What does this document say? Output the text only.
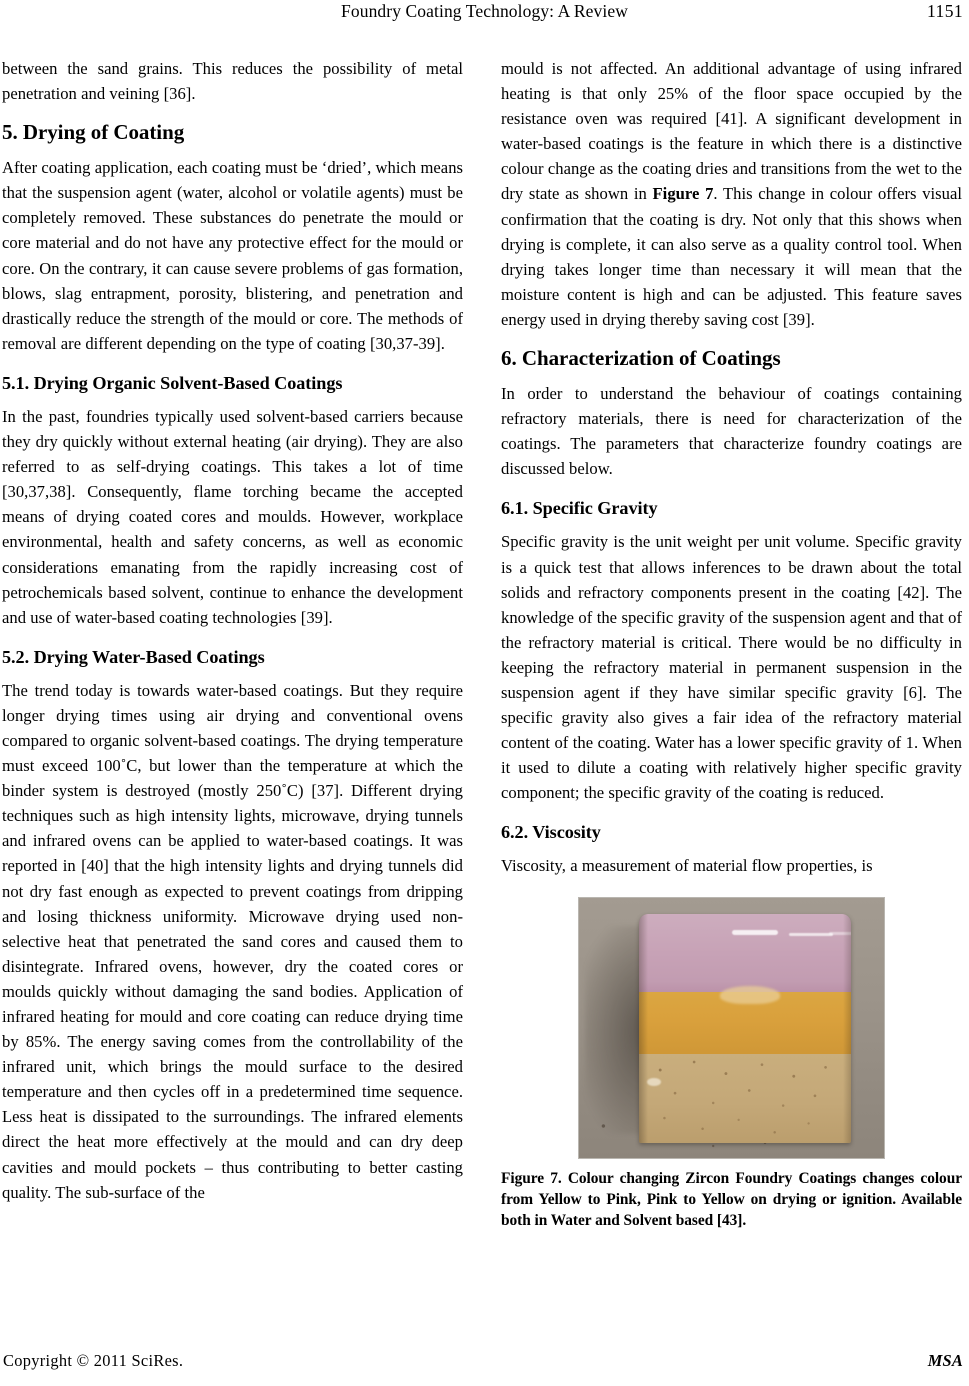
Foundry Coating Technology: A Review	1151

between the sand grains. This reduces the possibility of metal penetration and veining [36].

5. Drying of Coating

After coating application, each coating must be ‘dried’, which means that the suspension agent (water, alcohol or volatile agents) must be completely removed. These substances do penetrate the mould or core material and do not have any protective effect for the mould or core. On the contrary, it can cause severe problems of gas formation, blows, slag entrapment, porosity, blistering, and penetration and drastically reduce the strength of the mould or core. The methods of removal are different depending on the type of coating [30,37-39].

5.1. Drying Organic Solvent-Based Coatings

In the past, foundries typically used solvent-based carriers because they dry quickly without external heating (air drying). They are also referred to as self-drying coatings. This takes a lot of time [30,37,38]. Consequently, flame torching became the accepted means of drying coated cores and moulds. However, workplace environmental, health and safety concerns, as well as economic considerations emanating from the rapidly increasing cost of petrochemicals based solvent, continue to enhance the development and use of water-based coating technologies [39].

5.2. Drying Water-Based Coatings

The trend today is towards water-based coatings. But they require longer drying times using air drying and conventional ovens compared to organic solvent-based coatings. The drying temperature must exceed 100˚C, but lower than the temperature at which the binder system is destroyed (mostly 250˚C) [37]. Different drying techniques such as high intensity lights, microwave, drying tunnels and infrared ovens can be applied to water-based coatings. It was reported in [40] that the high intensity lights and drying tunnels did not dry fast enough as expected to prevent coatings from dripping and losing thickness uniformity. Microwave drying used non-selective heat that penetrated the sand cores and caused them to disintegrate. Infrared ovens, however, dry the coated cores or moulds quickly without damaging the sand bodies. Application of infrared heating for mould and core coating can reduce drying time by 85%. The energy saving comes from the controllability of the infrared unit, which brings the mould surface to the desired temperature and then cycles off in a predetermined time sequence. Less heat is dissipated to the surroundings. The infrared elements direct the heat more effectively at the mould and can dry deep cavities and mould pockets – thus contributing to better casting quality. The sub-surface of the

mould is not affected. An additional advantage of using infrared heating is that only 25% of the floor space occupied by the resistance oven was required [41]. A significant development in water-based coatings is the feature in which there is a distinctive colour change as the coating dries and transitions from the wet to the dry state as shown in Figure 7. This change in colour offers visual confirmation that the coating is dry. Not only that this shows when drying is complete, it can also serve as a quality control tool. When drying takes longer time than necessary it will mean that the moisture content is high and can be adjusted. This feature saves energy used in drying thereby saving cost [39].

6. Characterization of Coatings

In order to understand the behaviour of coatings containing refractory materials, there is need for characterization of the coatings. The parameters that characterize foundry coatings are discussed below.

6.1. Specific Gravity

Specific gravity is the unit weight per unit volume. Specific gravity is a quick test that allows inferences to be drawn about the total solids and refractory components present in the coating [42]. The knowledge of the specific gravity of the suspension agent and that of the refractory material is critical. There would be no difficulty in keeping the refractory material in permanent suspension in the suspension agent if they have similar specific gravity [6]. The specific gravity also gives a fair idea of the refractory material content of the coating. Water has a lower specific gravity of 1. When it used to dilute a coating with relatively higher specific gravity component; the specific gravity of the coating is reduced.

6.2. Viscosity

Viscosity, a measurement of material flow properties, is

Figure 7. Colour changing Zircon Foundry Coatings changes colour from Yellow to Pink, Pink to Yellow on drying or ignition. Available both in Water and Solvent based [43].

Copyright © 2011 SciRes.	MSA
